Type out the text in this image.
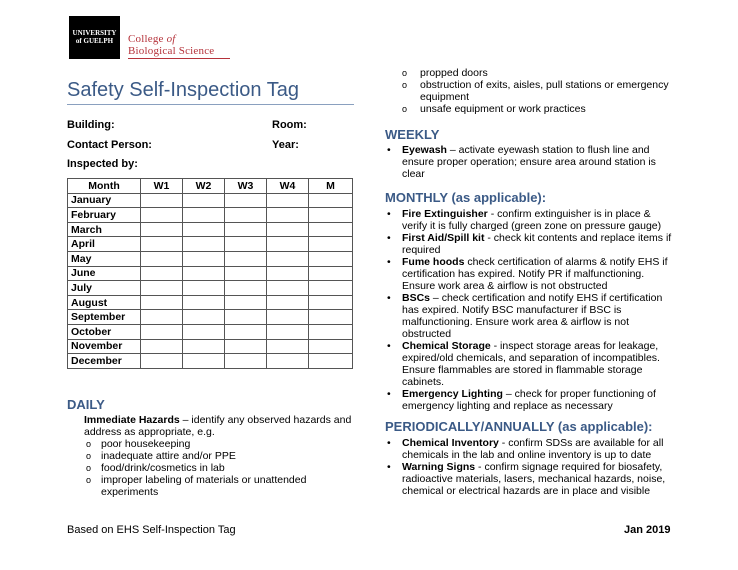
UNIVERSITY
of GUELPH	College of
Biological Science
Safety Self-Inspection Tag
Building:	Room:
Contact Person:	Year:
Inspected by:
Month	W1	W2	W3	W4	M
January					
February					
March					
April					
May					
June					
July					
August					
September					
October					
November					
December					
DAILY
Immediate Hazards – identify any observed hazards and
address as appropriate, e.g.
o poor housekeeping
o inadequate attire and/or PPE
o food/drink/cosmetics in lab
o improper labeling of materials or unattended
experiments
o propped doors
o obstruction of exits, aisles, pull stations or emergency
equipment
o unsafe equipment or work practices
WEEKLY
• Eyewash – activate eyewash station to flush line and
ensure proper operation; ensure area around station is
clear
MONTHLY (as applicable):
• Fire Extinguisher - confirm extinguisher is in place &
verify it is fully charged (green zone on pressure gauge)
• First Aid/Spill kit - check kit contents and replace items if
required
• Fume hoods check certification of alarms & notify EHS if
certification has expired. Notify PR if malfunctioning.
Ensure work area & airflow is not obstructed
• BSCs – check certification and notify EHS if certification
has expired. Notify BSC manufacturer if BSC is
malfunctioning. Ensure work area & airflow is not
obstructed
• Chemical Storage - inspect storage areas for leakage,
expired/old chemicals, and separation of incompatibles.
Ensure flammables are stored in flammable storage
cabinets.
• Emergency Lighting – check for proper functioning of
emergency lighting and replace as necessary
PERIODICALLY/ANNUALLY (as applicable):
• Chemical Inventory - confirm SDSs are available for all
chemicals in the lab and online inventory is up to date
• Warning Signs - confirm signage required for biosafety,
radioactive materials, lasers, mechanical hazards, noise,
chemical or electrical hazards are in place and visible
Based on EHS Self-Inspection Tag	Jan 2019
